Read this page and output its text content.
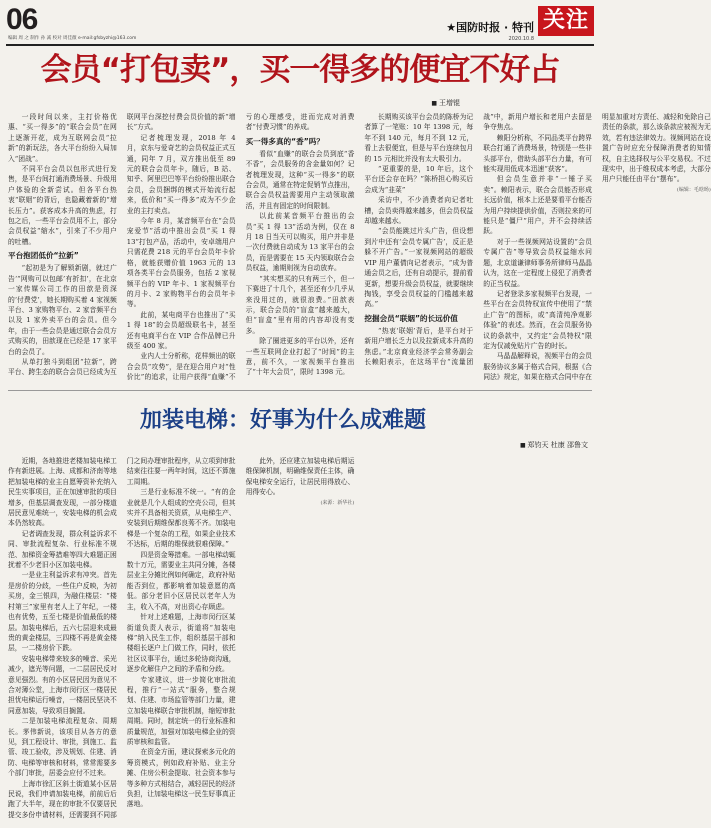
06
编辑 周 之 制作 孙 减 校对 周佳薇 e-mail:gfsbyzhi@163.com
★国防时报 · 特刊
2020.10.8
关注
会员“打包卖”，买一得多的便宜不好占
■ 王增锟

一段时间以来，主打价格优惠、“买一得多”的“联合会员”在网上逐渐开花，成为互联网会员“拉新”的新玩法，各大平台纷纷入局加入“团战”。

不同平台会员以包形式进行发售，是平台间打通消费场景、升级用户体验的全新尝试。但各平台热衷“联姻”的背后，也隐藏着新的“增长压力”。获客成本升高的焦虑，打包之后，一些平台会员用不上，部分会员权益“缩水”，引来了不少用户的吐槽。

平台抱团低价“拉新”

“起初是为了解锁新剧，就过广告‘“网购可以包邮’有折扣’，在北京一家传媒公司工作的田歆是资深的‘付费党’，她长期购买着 4 家视频平台、3 家购物平台、2 家音频平台以及 1 家外卖平台的会员。但今年，由于一些会员是通过联合会员方式购买的，田歆现在已经是 17 家平台的会员了。

从单打独斗到组团“拉新”，跨平台、跨生态的联合会员已经成为互联网平台深挖付费会员价值的新“增长”方式。

记者梳理发现，2018 年 4 月，京东与爱奇艺的会员权益正式互通，同年 7 月，双方推出低至 89 元的联合会员年卡，随后，B 站、知乎、阿里巴巴等平台纷纷推出联合会员，会员捆绑的模式开始流行起来，低价和“买一得多”成为不少企业的主打卖点。

今年 8 月，某音频平台在“会员宠爱节”活动中推出会员“买 1 得 13”打包产品，活动中，安卓端用户只需花费 218 元的平台会员年卡价格，就能获赠价值 1963 元的 13 项各类平台会员服务，包括 2 家视频平台的 VIP 年卡、1 家视频平台的月卡、2 家购物平台的会员年卡等。

此前，某电商平台也推出了“买 1 得 18”的会员超级联名卡，甚至还有电商平台在 VIP 合作品牌已升级至 400 家。

业内人士分析称，花样频出的联合会员“攻势”，是在迎合用户对“性价比”的追求，让用户获得“血赚”不亏的心理感受，进而完成对消费者“付费习惯”的养成。

买一得多真的“香”吗？

看似“血赚”的联合会员到底“香不香”，会员服务的含金量如何？记者梳理发现，这种“买一得多”的联合会员，通常在特定促销节点推出，联合会员权益需要用户主动领取激活，并且有固定的时间限制。

以此前某音频平台推出的会员“买 1 得 13”活动为例，仅在 8 月 18 日当天可以购买，用户并非是一次付费就自动成为 13 家平台的会员，而是需要在 15 天内领取联合会员权益，逾期则视为自动放弃。

“其实想买的只有两三个，但一下赛进了十几个，甚至还有少几乎从来没用过的，就很浪费。”田歆表示，联合会员的“盲盒”越来越大，但“盲盒”里有用的内容却没有变多。

除了圈进更多的平台以外，还有一些互联网企业打起了“时间”的主意，前不久，一家视频平台推出了“十年大会员”，限时 1398 元。

长期购买该平台会员的陈桥为记者算了一笔账：10 年 1398 元，每年不到 140 元，每月不到 12 元，看上去很便宜，但是与平台连续包月的 15 元相比并没有太大吸引力。

“更重要的是，10 年后，这个平台还会存在吗？”陈桥担心购买后会成为“韭菜”

采访中，不少消费者向记者吐槽，会员卖得越来越多，但会员权益却越来越水。

“会员能跳过片头广告，但设想到片中还有‘会员专属广告’，反正是躲不开广告。”一家视频网站的超级 VIP 用户董倩向记者表示，“成为普通会员之后，还有自动提示，提前看更新，想要升级会员权益，就要继续掏钱，享受会员权益的门槛越来越高。”

挖掘会员“联姻”的长远价值

“热衷‘联姻’背后，是平台对于新用户增长乏力以及拉新成本升高的焦虑。”北京商业经济学会常务副会长赖阳表示，在这场平台“流量团战”中，新用户增长和老用户去留是争夺焦点。

赖阳分析称，不同品类平台跨界联合打通了消费场景，特别是一些非头部平台，借助头部平台力量，有可能实现用低成本迅速“获客”。

但会员生意并非“一锤子买卖”。赖阳表示，联合会员能否形成长远价值，根本上还是要看平台能否为用户持续提供价值，否则拉来的可能只是“僵尸”用户，并不会持续活跃。

对于一些视频网站设置的“会员专属广告”等导致会员权益缩水问题，北京道谦律师事务所律师马晶晶认为，这在一定程度上侵犯了消费者的正当权益。

记者登录多家视频平台发现，一些平台在会员特权宣传中使用了“禁止广告”的图标，或“高清纯净观影体验”的表述。然而，在会员服务协议的条款中，又约定“会员特权”限定为仅减免贴片广告的时长。

马晶晶解释说，视频平台的会员服务协议多属于格式合同，根据《合同法》规定，如果在格式合同中存在明显加重对方责任、减轻和免除自己责任的条款，那么该条款应被视为无效，若有违法律效力。视频网站在设置广告时应充分保障消费者的知情权，自主选择权与公平交易权。不过现实中，出于维权成本考虑，大部分用户只能任由平台“摆布”。

(编辑：毛晗旸)

加装电梯：好事为什么成难题
■ 郑钧天 杜康 邵鲁文

近期，各地推进老楼加装电梯工作有新进展。上海、成都和济南等地把加装电梯的业主自愿筹资补充纳入民生实事项目，正在加速审批的项目增多，但基层调查发现，一部分楼道居民意见难统一，安装电梯的机会成本仍然较高。

记者调查发现，群众利益诉求不同、审批流程复杂、行业标准不规范、加梯资金筹措难等四大难题正困扰着不少老旧小区加装电梯。

一是业主利益诉求有冲突。首先是房价的分歧，一些住户反映，为初买房，金三银四，为融住楼层：“楼村第三”家里有老人上了年纪，一楼也有优势，五至七楼是价值最低的楼层。加装电梯后，五六七层迎来成最贵的黄金楼层，三四楼不再是黄金楼层，一二楼房价下跌。

安装电梯带来较多的噪音、采光减少，遮光等问题，一二层居民反对意见强烈。有的小区居民因为意见不合对簿公堂，上海市闵行区一楼居民担忧电梯运行噪音，一楼居民坚决不同意加装，导致项目搁置。

二是加装电梯流程复杂、周期长。茅伟新说，该项目从各方的意见，到工程设计、审批，到施工、监管、竣工验收，涉及规划、住建、消防、电梯等审核和材料，常常需要多个部门审批，居委会应付不过来。

上海市徐汇区斜土街道某小区居民说，我们申请加装电梯，前前后后跑了大半年，现在的审批不仅要居民提交多份申请材料，还需要到不同部门之间办理审批程序，从立项到审批结束往往要一两年时间，这还不算施工周期。

三是行业标准不统一。“有的企业就是几个人组成的空壳公司，但其实并不具备相关资质，从电梯生产、安装到后期维保都良莠不齐。加装电梯是一个复杂的工程，如果企业技术不达标，后期的维保就很难保障。”

四是资金筹措难。一部电梯动辄数十万元，需要业主共同分摊，各楼层业主分摊比例如何确定，政府补贴能否到位，都影响着加装意愿的高低。部分老旧小区居民以老年人为主，收入不高，对出资心存顾虑。

针对上述难题，上海市闵行区某街道负责人表示，街道将“加装电梯”纳入民生工作，组织基层干部和楼组长逐户上门做工作，同时，依托社区议事平台，通过多轮协商沟通，逐步化解住户之间的矛盾和分歧。

专家建议，进一步简化审批流程，推行“一站式”服务，整合规划、住建、市场监管等部门力量，建立加装电梯联合审批机制，缩短审批周期。同时，制定统一的行业标准和质量规范，加强对加装电梯企业的资质审核和监管。

在资金方面，建议探索多元化的筹资模式，例如政府补贴、业主分摊、住房公积金提取、社会资本参与等多种方式相结合，减轻居民的经济负担，让加装电梯这一民生好事真正落地。

此外，还应建立加装电梯后期运维保障机制，明确维保责任主体，确保电梯安全运行，让居民用得放心、用得安心。

(来源：新华社)
